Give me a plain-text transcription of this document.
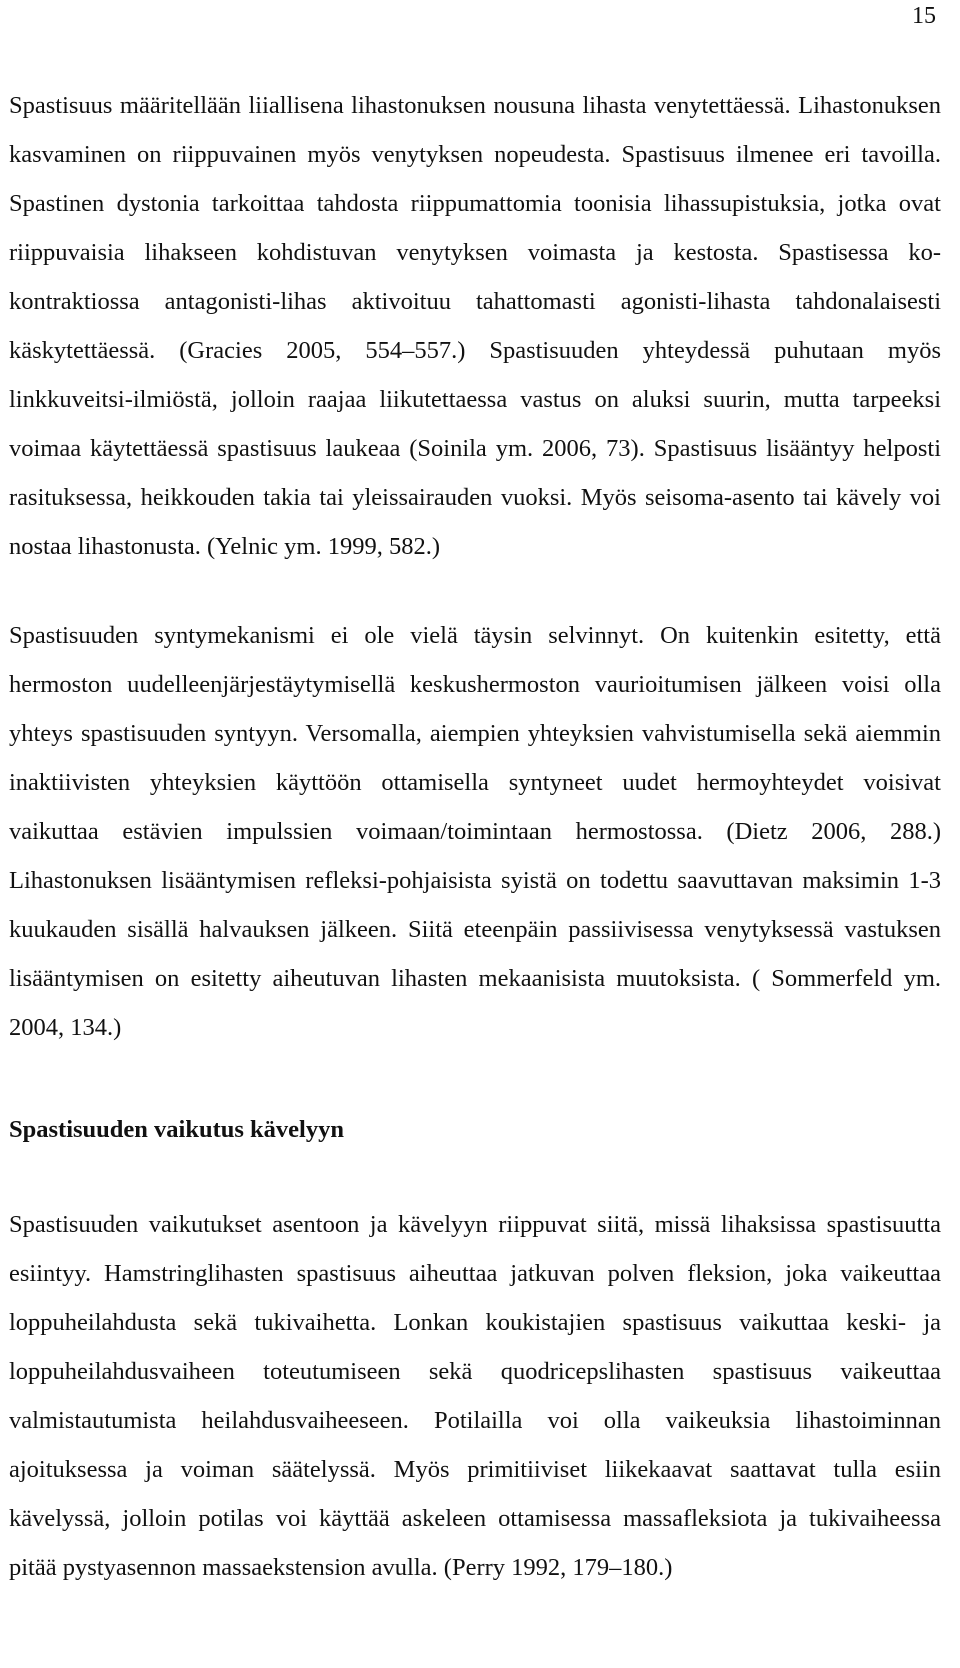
15

Spastisuus määritellään liiallisena lihastonuksen nousuna lihasta venytettäessä. Lihastonuksen kasvaminen on riippuvainen myös venytyksen nopeudesta. Spastisuus ilmenee eri tavoilla. Spastinen dystonia tarkoittaa tahdosta riippumattomia toonisia lihassupistuksia, jotka ovat riippuvaisia lihakseen kohdistuvan venytyksen voimasta ja kestosta. Spastisessa ko-kontraktiossa antagonisti-lihas aktivoituu tahattomasti agonisti-lihasta tahdonalaisesti käskytettäessä. (Gracies 2005, 554–557.) Spastisuuden yhteydessä puhutaan myös linkkuveitsi-ilmiöstä, jolloin raajaa liikutettaessa vastus on aluksi suurin, mutta tarpeeksi voimaa käytettäessä spastisuus laukeaa (Soinila ym. 2006, 73). Spastisuus lisääntyy helposti rasituksessa, heikkouden takia tai yleissairauden vuoksi. Myös seisoma-asento tai kävely voi nostaa lihastonusta. (Yelnic ym. 1999, 582.)

Spastisuuden syntymekanismi ei ole vielä täysin selvinnyt. On kuitenkin esitetty, että hermoston uudelleenjärjestäytymisellä keskushermoston vaurioitumisen jälkeen voisi olla yhteys spastisuuden syntyyn. Versomalla, aiempien yhteyksien vahvistumisella sekä aiemmin inaktiivisten yhteyksien käyttöön ottamisella syntyneet uudet hermoyhteydet voisivat vaikuttaa estävien impulssien voimaan/toimintaan hermostossa. (Dietz 2006, 288.) Lihastonuksen lisääntymisen refleksi-pohjaisista syistä on todettu saavuttavan maksimin 1-3 kuukauden sisällä halvauksen jälkeen. Siitä eteenpäin passiivisessa venytyksessä vastuksen lisääntymisen on esitetty aiheutuvan lihasten mekaanisista muutoksista. ( Sommerfeld ym. 2004, 134.)

Spastisuuden vaikutus kävelyyn

Spastisuuden vaikutukset asentoon ja kävelyyn riippuvat siitä, missä lihaksissa spastisuutta esiintyy. Hamstringlihasten spastisuus aiheuttaa jatkuvan polven fleksion, joka vaikeuttaa loppuheilahdusta sekä tukivaihetta. Lonkan koukistajien spastisuus vaikuttaa keski- ja loppuheilahdusvaiheen toteutumiseen sekä quodricepslihasten spastisuus vaikeuttaa valmistautumista heilahdusvaiheeseen. Potilailla voi olla vaikeuksia lihastoiminnan ajoituksessa ja voiman säätelyssä. Myös primitiiviset liikekaavat saattavat tulla esiin kävelyssä, jolloin potilas voi käyttää askeleen ottamisessa massafleksiota ja tukivaiheessa pitää pystyasennon massaekstension avulla. (Perry 1992, 179–180.)
